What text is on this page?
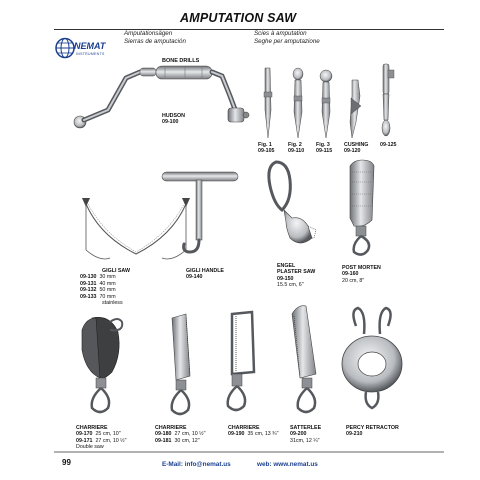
AMPUTATION SAW
Amputationsägen
Sierras de amputación
Scies à amputation
Seghe per amputazione
NEMAT
INSTRUMENTS
BONE DRILLS
HUDSON
09-100
Fig. 1
09-105
Fig. 2
09-110
Fig. 3
09-115
CUSHING
09-120
09-125
GIGLI SAW
09-130 30 mm
09-131 40 mm
09-132 50 mm
09-133 70 mm
stainless
GIGLI HANDLE
09-140
ENGEL
PLASTER SAW
09-150
15.5 cm, 6"
POST MORTEN
09-160
20 cm, 8"
CHARRIERE
09-170 25 cm, 10"
09-171 27 cm, 10 ½"
Double saw
CHARRIERE
09-180 27 cm, 10 ½"
09-181 30 cm, 12"
CHARRIERE
09-190 35 cm, 13 ¾"
SATTERLEE
09-200
31cm, 12 ¼"
PERCY RETRACTOR
09-210
99	E-Mail: info@nemat.us	web: www.nemat.us
